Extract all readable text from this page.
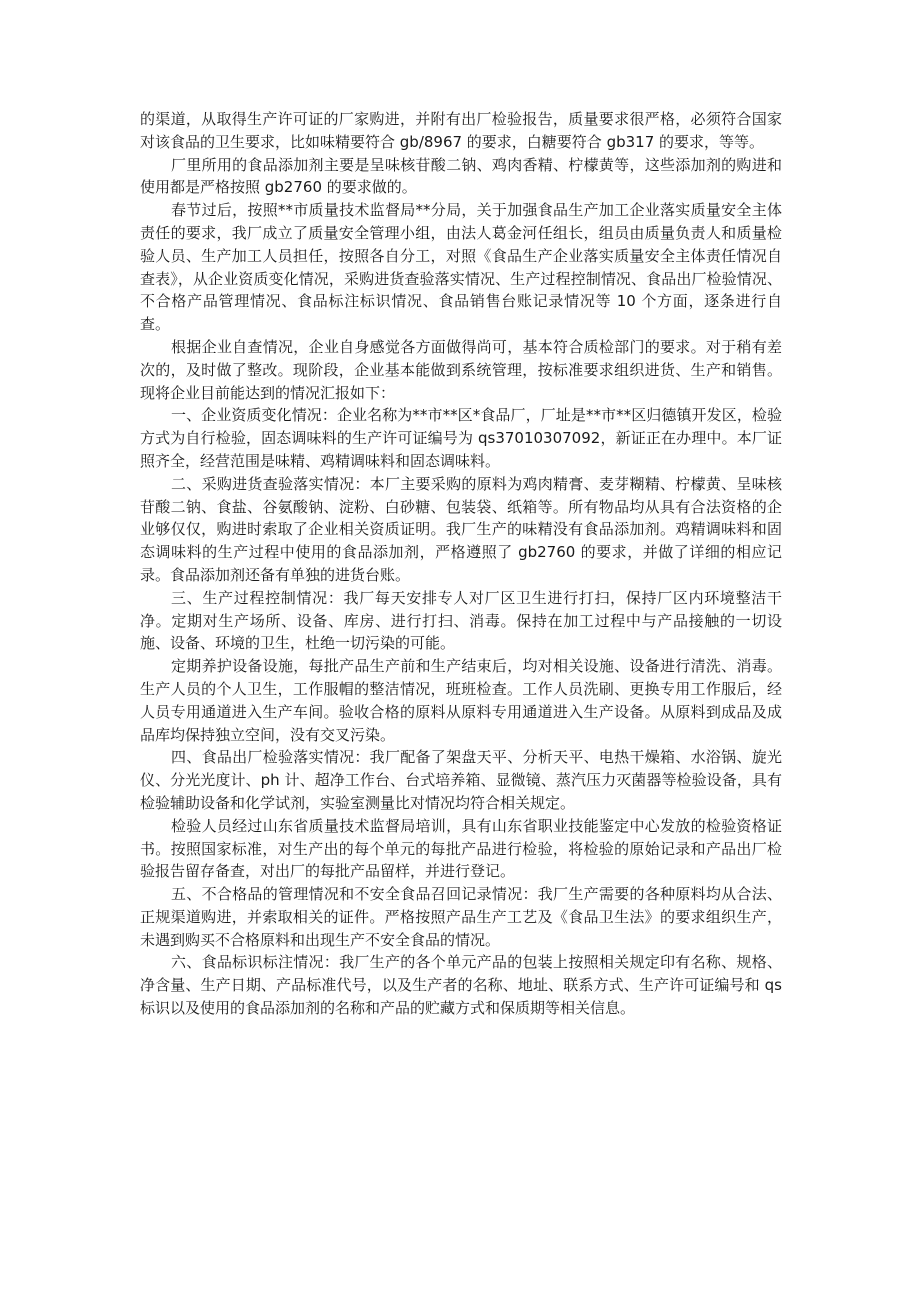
的渠道，从取得生产许可证的厂家购进，并附有出厂检验报告，质量要求很严格，必须符合国家对该食品的卫生要求，比如味精要符合 gb/8967 的要求，白糖要符合 gb317 的要求，等等。

厂里所用的食品添加剂主要是呈味核苷酸二钠、鸡肉香精、柠檬黄等，这些添加剂的购进和使用都是严格按照 gb2760 的要求做的。

春节过后，按照**市质量技术监督局**分局，关于加强食品生产加工企业落实质量安全主体责任的要求，我厂成立了质量安全管理小组，由法人葛金河任组长，组员由质量负责人和质量检验人员、生产加工人员担任，按照各自分工，对照《食品生产企业落实质量安全主体责任情况自查表》，从企业资质变化情况，采购进货查验落实情况、生产过程控制情况、食品出厂检验情况、不合格产品管理情况、食品标注标识情况、食品销售台账记录情况等 10 个方面，逐条进行自查。

根据企业自查情况，企业自身感觉各方面做得尚可，基本符合质检部门的要求。对于稍有差次的，及时做了整改。现阶段，企业基本能做到系统管理，按标准要求组织进货、生产和销售。现将企业目前能达到的情况汇报如下：

一、企业资质变化情况：企业名称为**市**区*食品厂，厂址是**市**区归德镇开发区，检验方式为自行检验，固态调味料的生产许可证编号为 qs37010307092，新证正在办理中。本厂证照齐全，经营范围是味精、鸡精调味料和固态调味料。

二、采购进货查验落实情况：本厂主要采购的原料为鸡肉精膏、麦芽糊精、柠檬黄、呈味核苷酸二钠、食盐、谷氨酸钠、淀粉、白砂糖、包装袋、纸箱等。所有物品均从具有合法资格的企业够仅仅，购进时索取了企业相关资质证明。我厂生产的味精没有食品添加剂。鸡精调味料和固态调味料的生产过程中使用的食品添加剂，严格遵照了 gb2760 的要求，并做了详细的相应记录。食品添加剂还备有单独的进货台账。

三、生产过程控制情况：我厂每天安排专人对厂区卫生进行打扫，保持厂区内环境整洁干净。定期对生产场所、设备、库房、进行打扫、消毒。保持在加工过程中与产品接触的一切设施、设备、环境的卫生，杜绝一切污染的可能。

定期养护设备设施，每批产品生产前和生产结束后，均对相关设施、设备进行清洗、消毒。生产人员的个人卫生，工作服帽的整洁情况，班班检查。工作人员洗刷、更换专用工作服后，经人员专用通道进入生产车间。验收合格的原料从原料专用通道进入生产设备。从原料到成品及成品库均保持独立空间，没有交叉污染。

四、食品出厂检验落实情况：我厂配备了架盘天平、分析天平、电热干燥箱、水浴锅、旋光仪、分光光度计、ph 计、超净工作台、台式培养箱、显微镜、蒸汽压力灭菌器等检验设备，具有检验辅助设备和化学试剂，实验室测量比对情况均符合相关规定。

检验人员经过山东省质量技术监督局培训，具有山东省职业技能鉴定中心发放的检验资格证书。按照国家标准，对生产出的每个单元的每批产品进行检验，将检验的原始记录和产品出厂检验报告留存备查，对出厂的每批产品留样，并进行登记。

五、不合格品的管理情况和不安全食品召回记录情况：我厂生产需要的各种原料均从合法、正规渠道购进，并索取相关的证件。严格按照产品生产工艺及《食品卫生法》的要求组织生产，未遇到购买不合格原料和出现生产不安全食品的情况。

六、食品标识标注情况：我厂生产的各个单元产品的包装上按照相关规定印有名称、规格、净含量、生产日期、产品标准代号，以及生产者的名称、地址、联系方式、生产许可证编号和 qs 标识以及使用的食品添加剂的名称和产品的贮藏方式和保质期等相关信息。
